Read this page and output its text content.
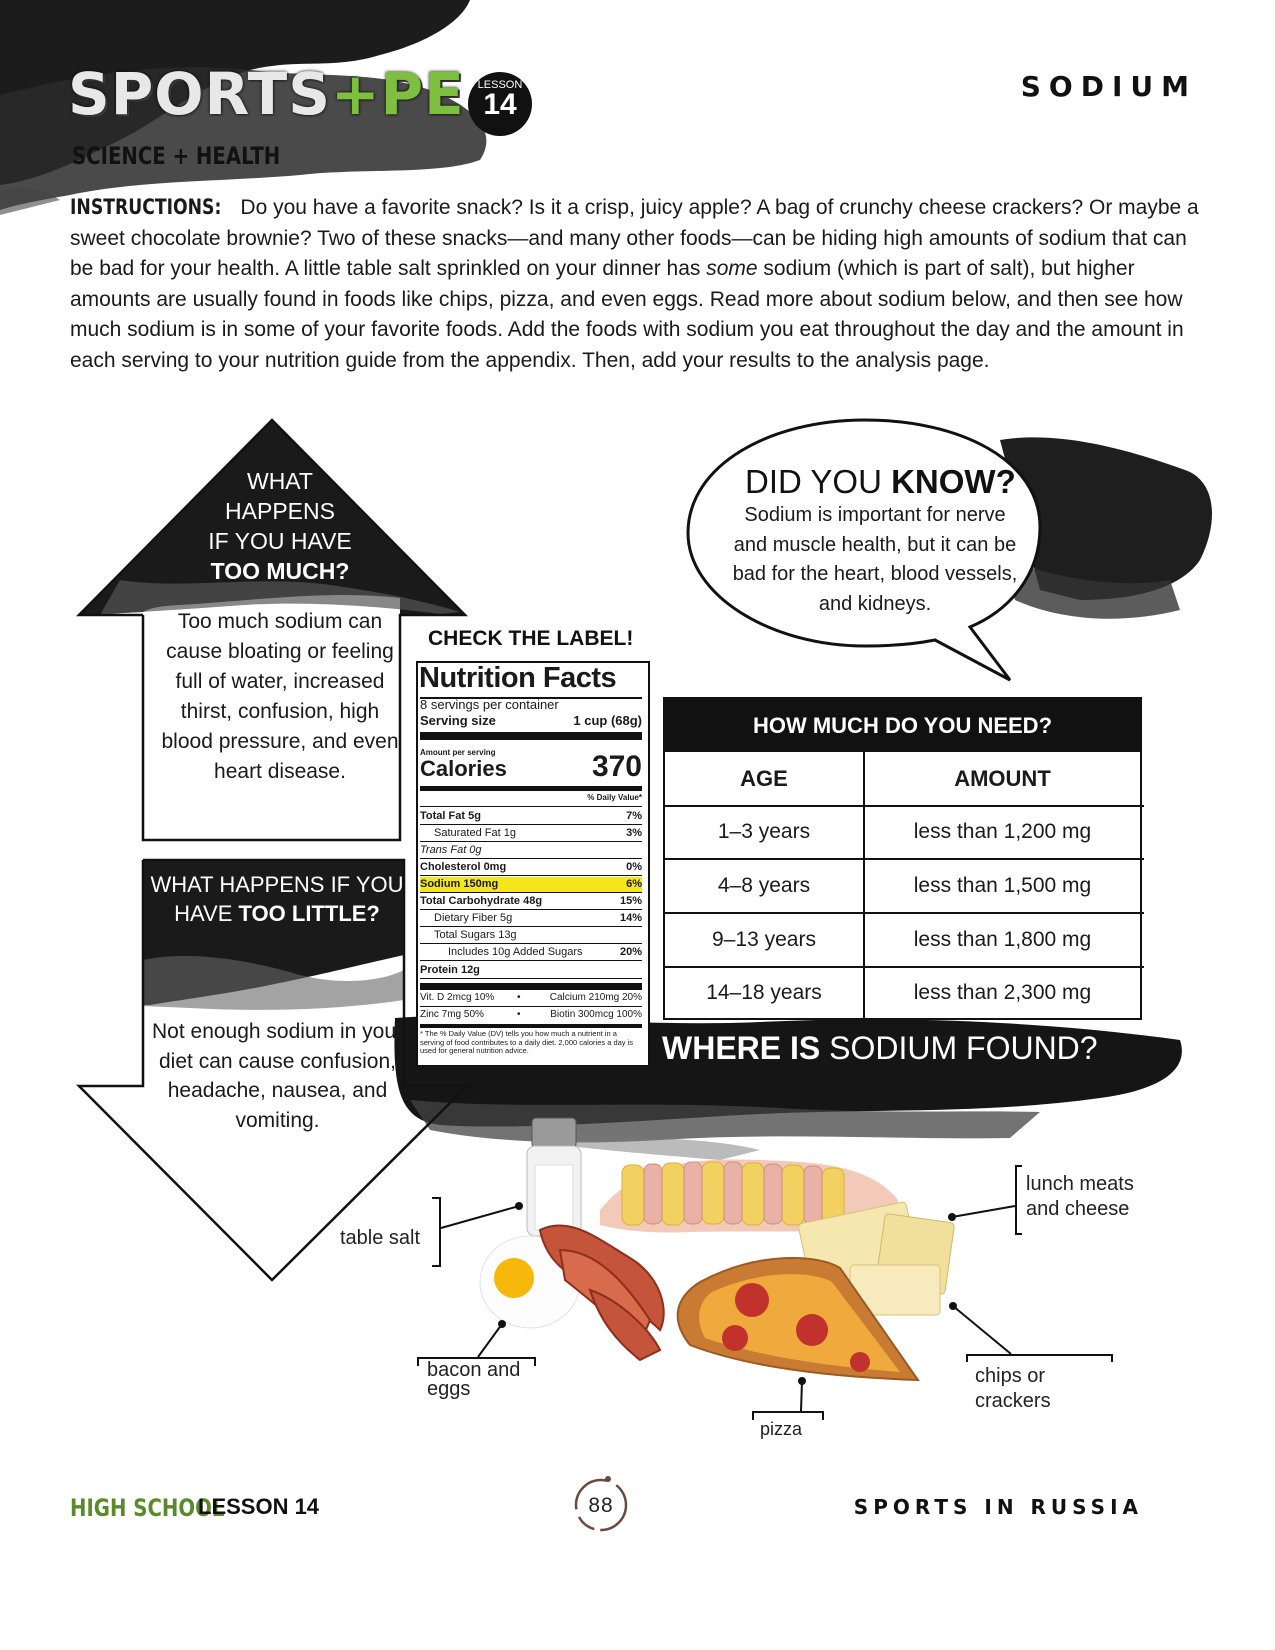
SPORTS+PE	LESSON
14
SCIENCE + HEALTH
SODIUM
INSTRUCTIONS: Do you have a favorite snack? Is it a crisp, juicy apple? A bag of crunchy cheese crackers? Or maybe a sweet chocolate brownie? Two of these snacks—and many other foods—can be hiding high amounts of sodium that can be bad for your health. A little table salt sprinkled on your dinner has some sodium (which is part of salt), but higher amounts are usually found in foods like chips, pizza, and even eggs. Read more about sodium below, and then see how much sodium is in some of your favorite foods. Add the foods with sodium you eat throughout the day and the amount in each serving to your nutrition guide from the appendix. Then, add your results to the analysis page.
WHAT
HAPPENS
IF YOU HAVE
TOO MUCH?
Too much sodium can cause bloating or feeling full of water, increased thirst, confusion, high blood pressure, and even heart disease.
WHAT HAPPENS IF YOU
HAVE TOO LITTLE?
Not enough sodium in your diet can cause confusion, headache, nausea, and vomiting.
DID YOU KNOW?
Sodium is important for nerve and muscle health, but it can be bad for the heart, blood vessels, and kidneys.
CHECK THE LABEL!
Nutrition Facts
8 servings per container
Serving size	1 cup (68g)
Amount per serving
Calories	370
% Daily Value*
Total Fat 5g	7%
Saturated Fat 1g	3%
Trans Fat 0g
Cholesterol 0mg	0%
Sodium 150mg	6%
Total Carbohydrate 48g	15%
Dietary Fiber 5g	14%
Total Sugars 13g
Includes 10g Added Sugars	20%
Protein 12g
Vit. D 2mcg 10% •	Calcium 210mg 20%
Zinc 7mg 50%	•	Biotin 300mcg 100%
* The % Daily Value (DV) tells you how much a nutrient in a serving of food contributes to a daily diet. 2,000 calories a day is used for general nutrition advice.
HOW MUCH DO YOU NEED?
AGE	AMOUNT
1–3 years	less than 1,200 mg
4–8 years	less than 1,500 mg
9–13 years	less than 1,800 mg
14–18 years	less than 2,300 mg
WHERE IS SODIUM FOUND?
table salt
lunch meats and cheese
bacon and eggs
pizza
chips or crackers
HIGH SCHOOL
LESSON 14	88	SPORTS IN RUSSIA
